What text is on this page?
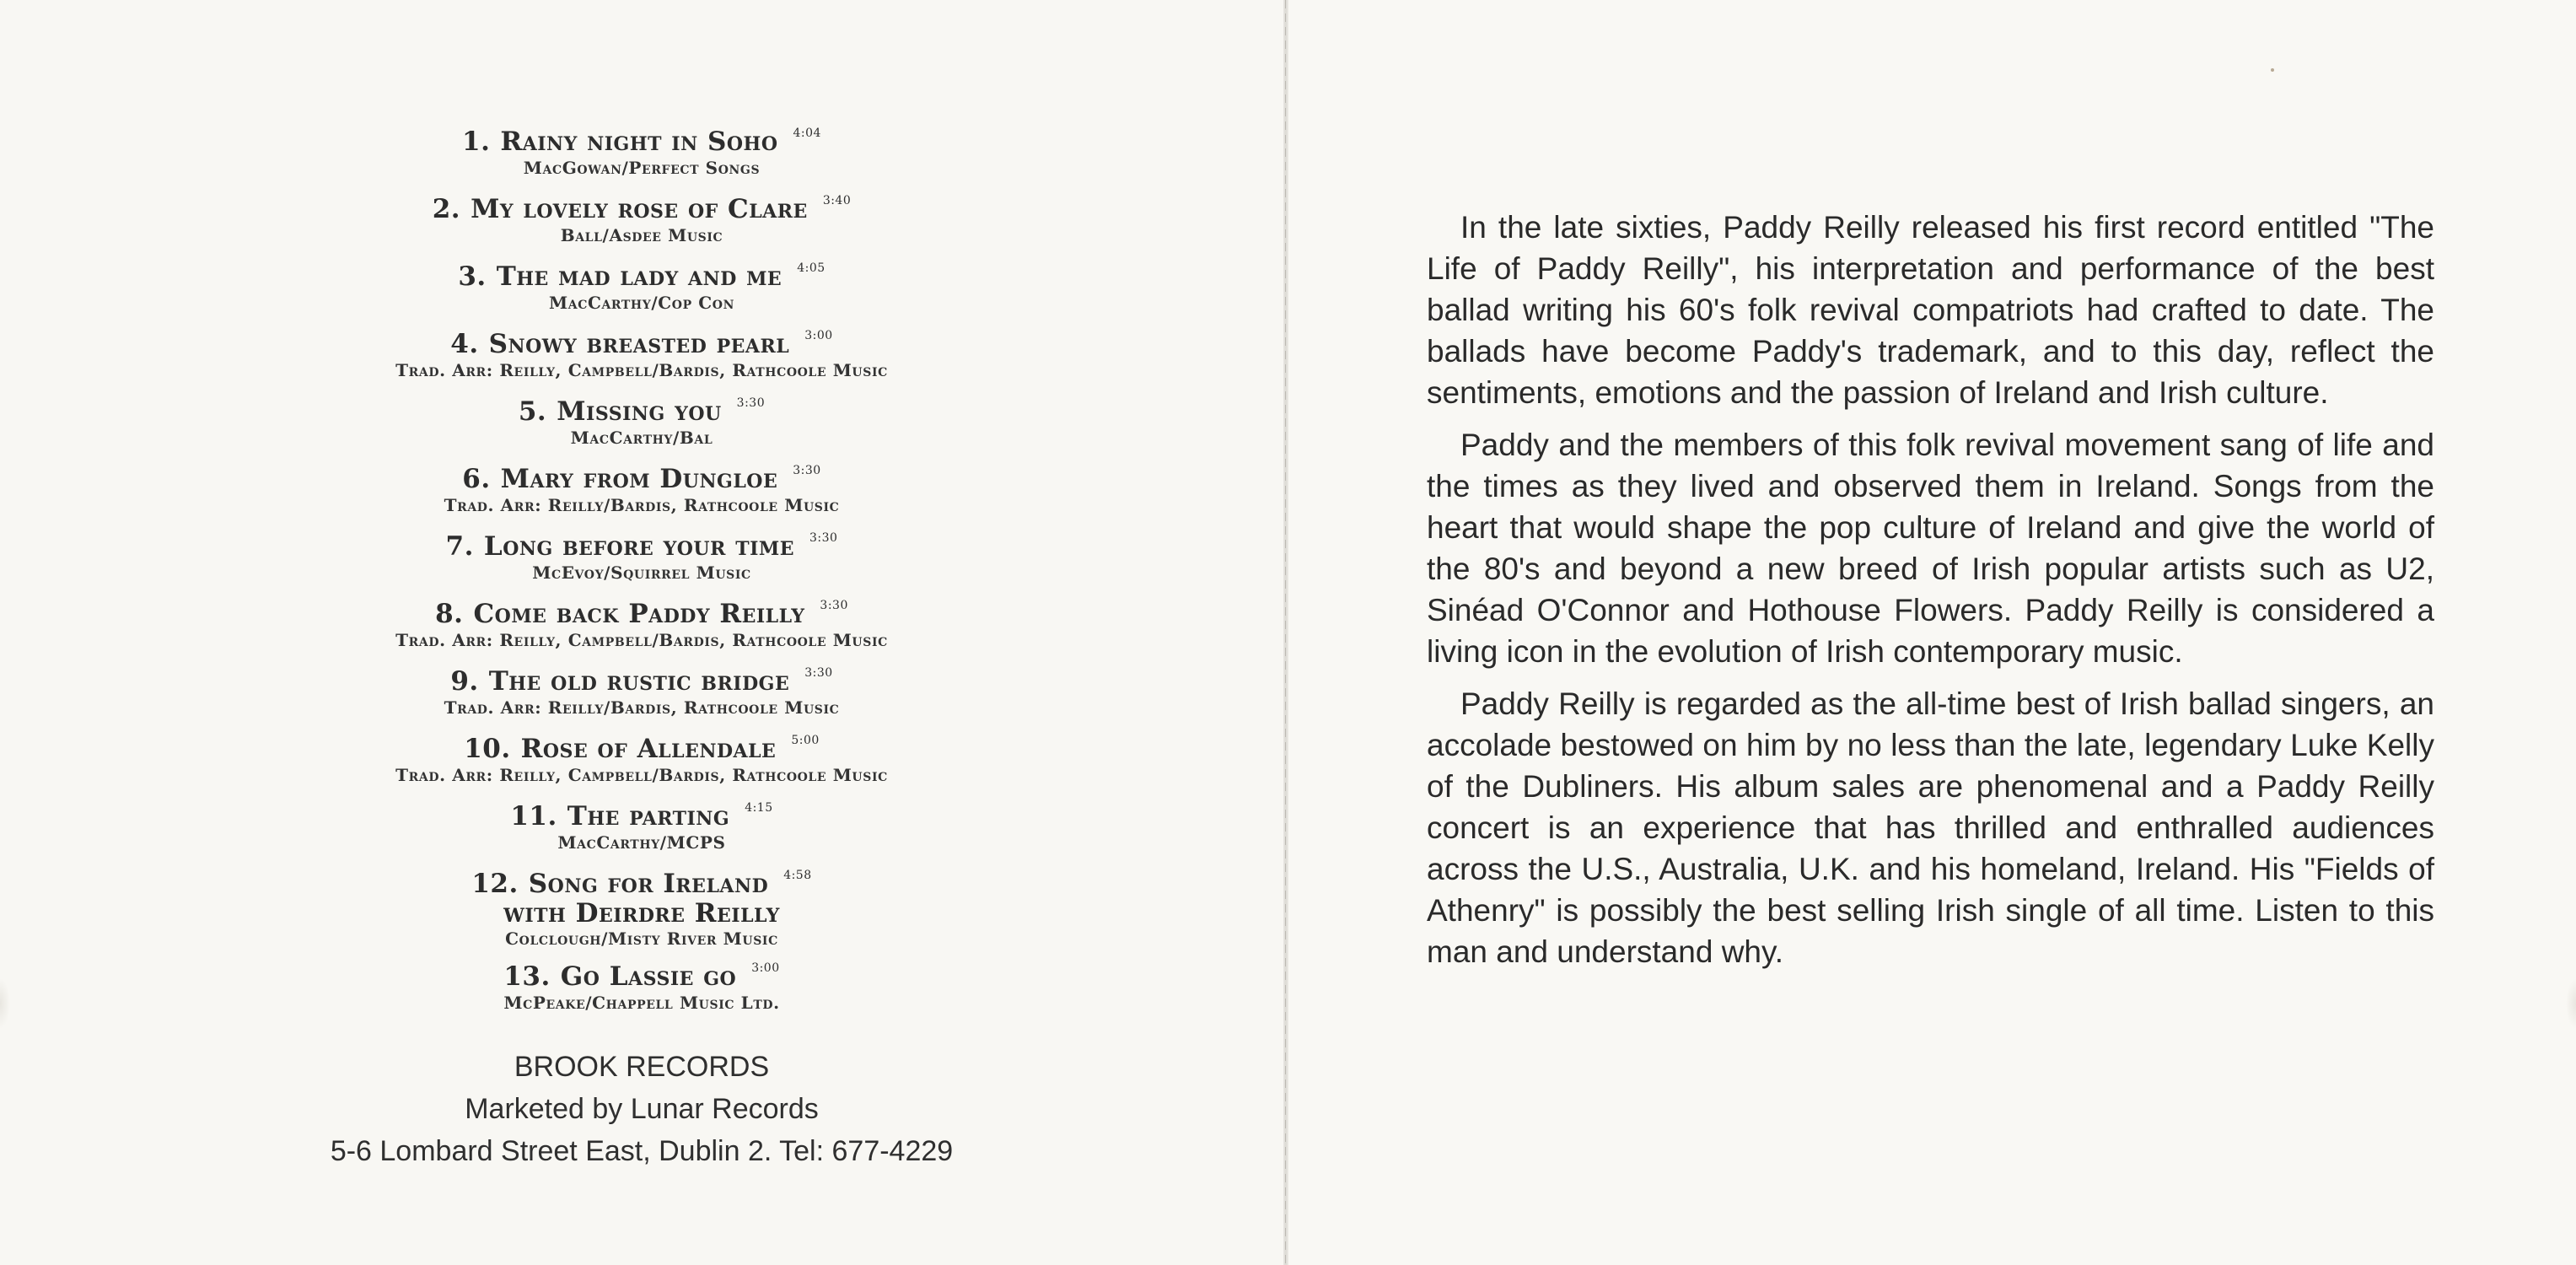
1. Rainy night in Soho $^{4:04}$
MacGowan/Perfect Songs
2. My lovely rose of Clare $^{3:40}$
Ball/Asdee Music
3. The mad lady and me $^{4:05}$
MacCarthy/Cop Con
4. Snowy breasted pearl $^{3:00}$
Trad. Arr: Reilly, Campbell/Bardis, Rathcoole Music
5. Missing you $^{3:30}$
MacCarthy/Bal
6. Mary from Dungloe $^{3:30}$
Trad. Arr: Reilly/Bardis, Rathcoole Music
7. Long before your time $^{3:30}$
McEvoy/Squirrel Music
8. Come back Paddy Reilly $^{3:30}$
Trad. Arr: Reilly, Campbell/Bardis, Rathcoole Music
9. The old rustic bridge $^{3:30}$
Trad. Arr: Reilly/Bardis, Rathcoole Music
10. Rose of Allendale $^{5:00}$
Trad. Arr: Reilly, Campbell/Bardis, Rathcoole Music
11. The parting $^{4:15}$
MacCarthy/MCPS
12. Song for Ireland $^{4:58}$
with Deirdre Reilly
Colclough/Misty River Music
13. Go Lassie go $^{3:00}$
McPeake/Chappell Music Ltd.
BROOK RECORDS
Marketed by Lunar Records
5-6 Lombard Street East, Dublin 2. Tel: 677-4229

In the late sixties, Paddy Reilly released his first record entitled "The Life of Paddy Reilly", his interpretation and performance of the best ballad writing his 60's folk revival compatriots had crafted to date. The ballads have become Paddy's trademark, and to this day, reflect the sentiments, emotions and the passion of Ireland and Irish culture.

Paddy and the members of this folk revival movement sang of life and the times as they lived and observed them in Ireland. Songs from the heart that would shape the pop culture of Ireland and give the world of the 80's and beyond a new breed of Irish popular artists such as U2, Sinéad O'Connor and Hothouse Flowers. Paddy Reilly is considered a living icon in the evolution of Irish contemporary music.

Paddy Reilly is regarded as the all-time best of Irish ballad singers, an accolade bestowed on him by no less than the late, legendary Luke Kelly of the Dubliners. His album sales are phenomenal and a Paddy Reilly concert is an experience that has thrilled and enthralled audiences across the U.S., Australia, U.K. and his homeland, Ireland. His "Fields of Athenry" is possibly the best selling Irish single of all time. Listen to this man and understand why.
